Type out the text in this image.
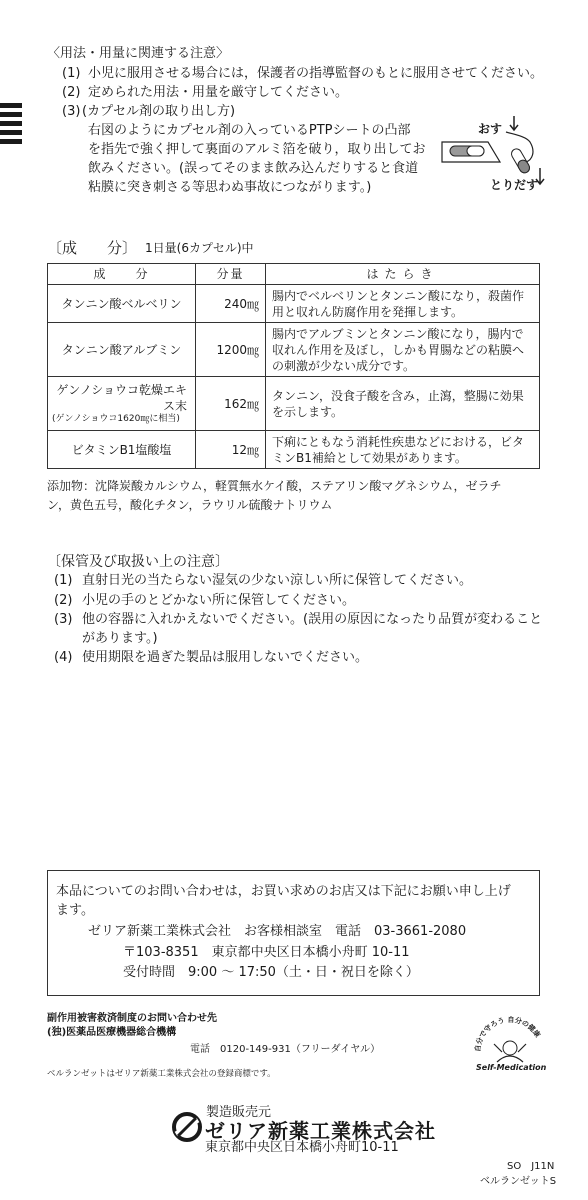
〈用法・用量に関連する注意〉
(1) 小児に服用させる場合には，保護者の指導監督のもとに服用させてください。
(2) 定められた用法・用量を厳守してください。
(3) (カプセル剤の取り出し方)
右図のようにカプセル剤の入っているPTPシートの凸部
を指先で強く押して裏面のアルミ箔を破り，取り出してお
飲みください。(誤ってそのまま飲み込んだりすると食道
粘膜に突き刺さる等思わぬ事故につながります。)
おす
とりだす
〔成　　分〕 1日量(6カプセル)中
成　　分	分量	はたらき
タンニン酸ベルベリン	240㎎	腸内でベルベリンとタンニン酸になり，殺菌作用と収れん防腐作用を発揮します。
タンニン酸アルブミン	1200㎎	腸内でアルブミンとタンニン酸になり，腸内で収れん作用を及ぼし，しかも胃腸などの粘膜への刺激が少ない成分です。

ゲンノショウコ乾燥エキス末
(ゲンノショウコ1620㎎に相当)	162㎎	タンニン，没食子酸を含み，止瀉，整腸に効果を示します。
ビタミンB1塩酸塩	12㎎	下痢にともなう消耗性疾患などにおける，ビタミンB1補給として効果があります。
添加物：沈降炭酸カルシウム，軽質無水ケイ酸，ステアリン酸マグネシウム，ゼラチ
ン，黄色五号，酸化チタン，ラウリル硫酸ナトリウム
〔保管及び取扱い上の注意〕
(1) 直射日光の当たらない湿気の少ない涼しい所に保管してください。
(2) 小児の手のとどかない所に保管してください。
(3) 他の容器に入れかえないでください。(誤用の原因になったり品質が変わること
があります。)
(4) 使用期限を過ぎた製品は服用しないでください。
本品についてのお問い合わせは，お買い求めのお店又は下記にお願い申し上げ
ます。
ゼリア新薬工業株式会社　お客様相談室　電話　03-3661-2080
〒103-8351　東京都中央区日本橋小舟町 10-11
受付時間　9:00 ～ 17:50（土・日・祝日を除く）
副作用被害救済制度のお問い合わせ先
(独)医薬品医療機器総合機構
電話　0120-149-931（フリーダイヤル）
ベルランゼットはゼリア新薬工業株式会社の登録商標です。
自分で守ろう 自分の健康
Self-Medication
製造販売元
ゼリア新薬工業株式会社
東京都中央区日本橋小舟町10-11
SO　J11N
ベルランゼットS
